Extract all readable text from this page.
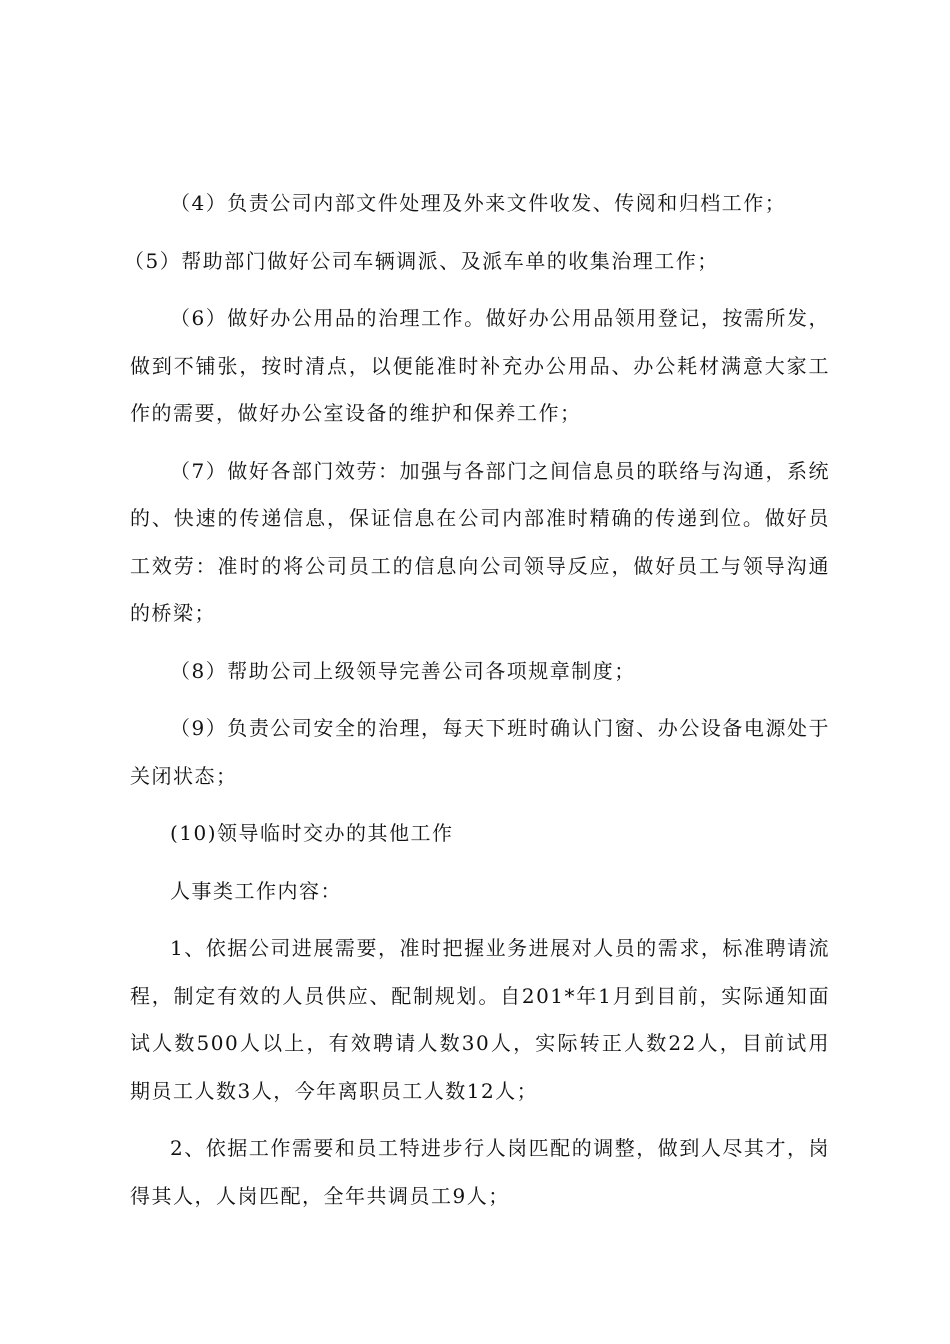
（4）负责公司内部文件处理及外来文件收发、传阅和归档工作；

（5）帮助部门做好公司车辆调派、及派车单的收集治理工作；

（6）做好办公用品的治理工作。做好办公用品领用登记，按需所发，做到不铺张，按时清点，以便能准时补充办公用品、办公耗材满意大家工作的需要，做好办公室设备的维护和保养工作；

（7）做好各部门效劳：加强与各部门之间信息员的联络与沟通，系统的、快速的传递信息，保证信息在公司内部准时精确的传递到位。做好员工效劳：准时的将公司员工的信息向公司领导反应，做好员工与领导沟通的桥梁；

（8）帮助公司上级领导完善公司各项规章制度；

（9）负责公司安全的治理，每天下班时确认门窗、办公设备电源处于关闭状态；

(10)领导临时交办的其他工作

人事类工作内容：

1、依据公司进展需要，准时把握业务进展对人员的需求，标准聘请流程，制定有效的人员供应、配制规划。自201*年1月到目前，实际通知面试人数500人以上，有效聘请人数30人，实际转正人数22人，目前试用期员工人数3人，今年离职员工人数12人；

2、依据工作需要和员工特进步行人岗匹配的调整，做到人尽其才，岗得其人，人岗匹配，全年共调员工9人；
